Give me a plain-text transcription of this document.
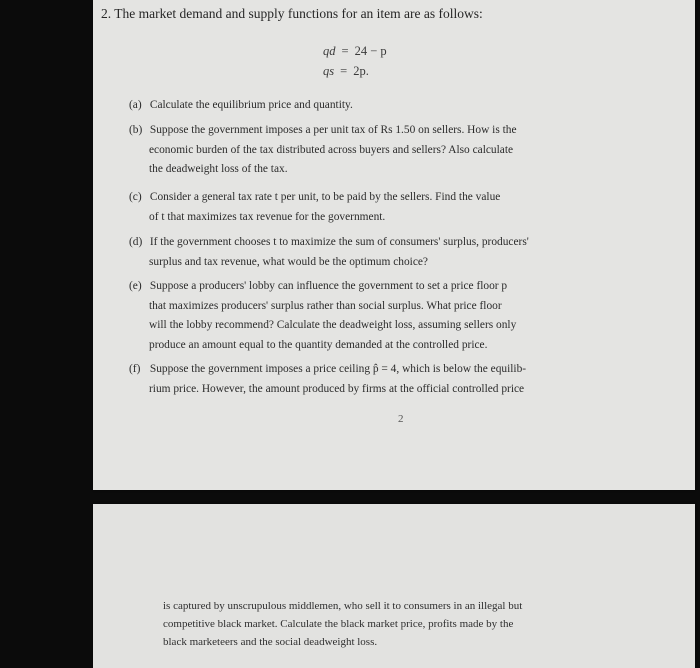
2. The market demand and supply functions for an item are as follows:
qd = 24 − p
qs = 2p.
(a) Calculate the equilibrium price and quantity.
(b) Suppose the government imposes a per unit tax of Rs 1.50 on sellers. How is the
economic burden of the tax distributed across buyers and sellers? Also calculate
the deadweight loss of the tax.
(c) Consider a general tax rate t per unit, to be paid by the sellers. Find the value
of t that maximizes tax revenue for the government.
(d) If the government chooses t to maximize the sum of consumers' surplus, producers'
surplus and tax revenue, what would be the optimum choice?
(e) Suppose a producers' lobby can influence the government to set a price floor p
that maximizes producers' surplus rather than social surplus. What price floor
will the lobby recommend? Calculate the deadweight loss, assuming sellers only
produce an amount equal to the quantity demanded at the controlled price.
(f) Suppose the government imposes a price ceiling p̂ = 4, which is below the equilib-
rium price. However, the amount produced by firms at the official controlled price
2
is captured by unscrupulous middlemen, who sell it to consumers in an illegal but
competitive black market. Calculate the black market price, profits made by the
black marketeers and the social deadweight loss.
